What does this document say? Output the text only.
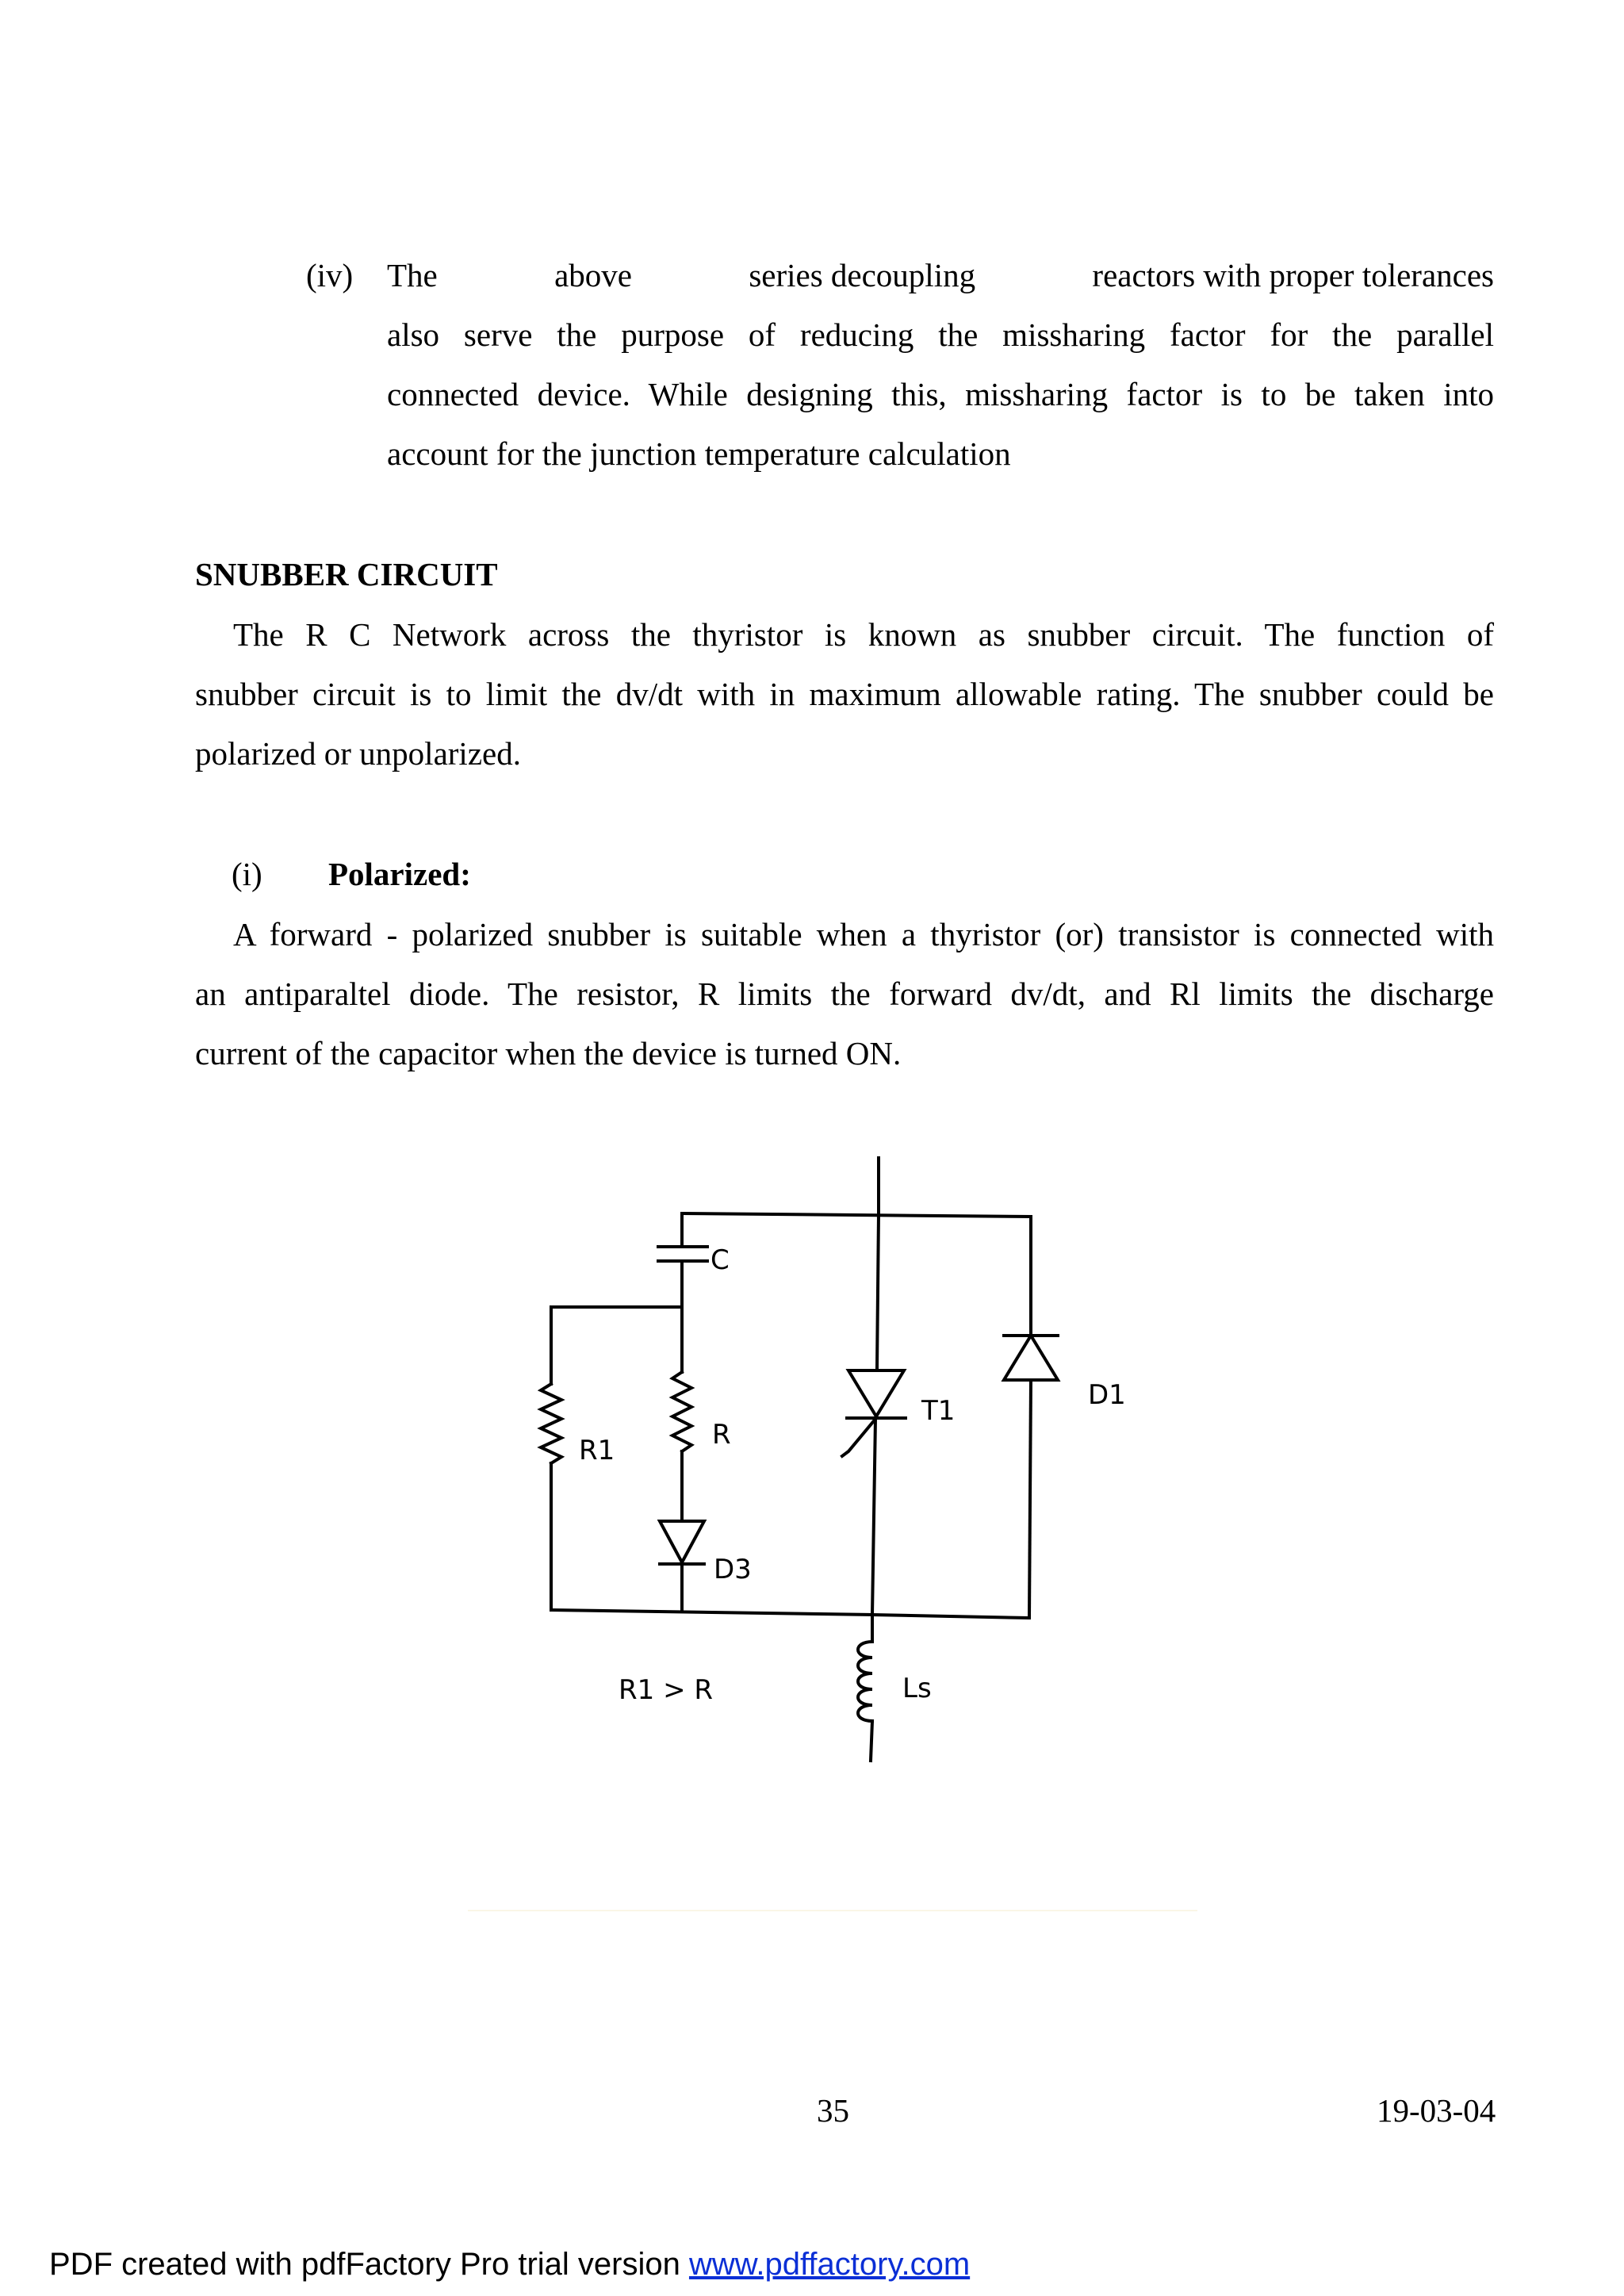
(iv) The	above	series decoupling	reactors with proper tolerances
also serve the purpose of reducing the missharing factor for the parallel
connected device. While designing this, missharing factor is to be taken into
account for the junction temperature calculation
SNUBBER CIRCUIT
The R C Network across the thyristor is known as snubber circuit. The function of
snubber circuit is to limit the dv/dt with in maximum allowable rating. The snubber could be
polarized or unpolarized.
(i) Polarized:
A forward - polarized snubber is suitable when a thyristor (or) transistor is connected with
an antiparaltel diode. The resistor, R limits the forward dv/dt, and Rl limits the discharge
current of the capacitor when the device is turned ON.
C
R
R1
D3
T1	D1
Ls
R1 > R
35	19-03-04
PDF created with pdfFactory Pro trial version www.pdffactory.com
